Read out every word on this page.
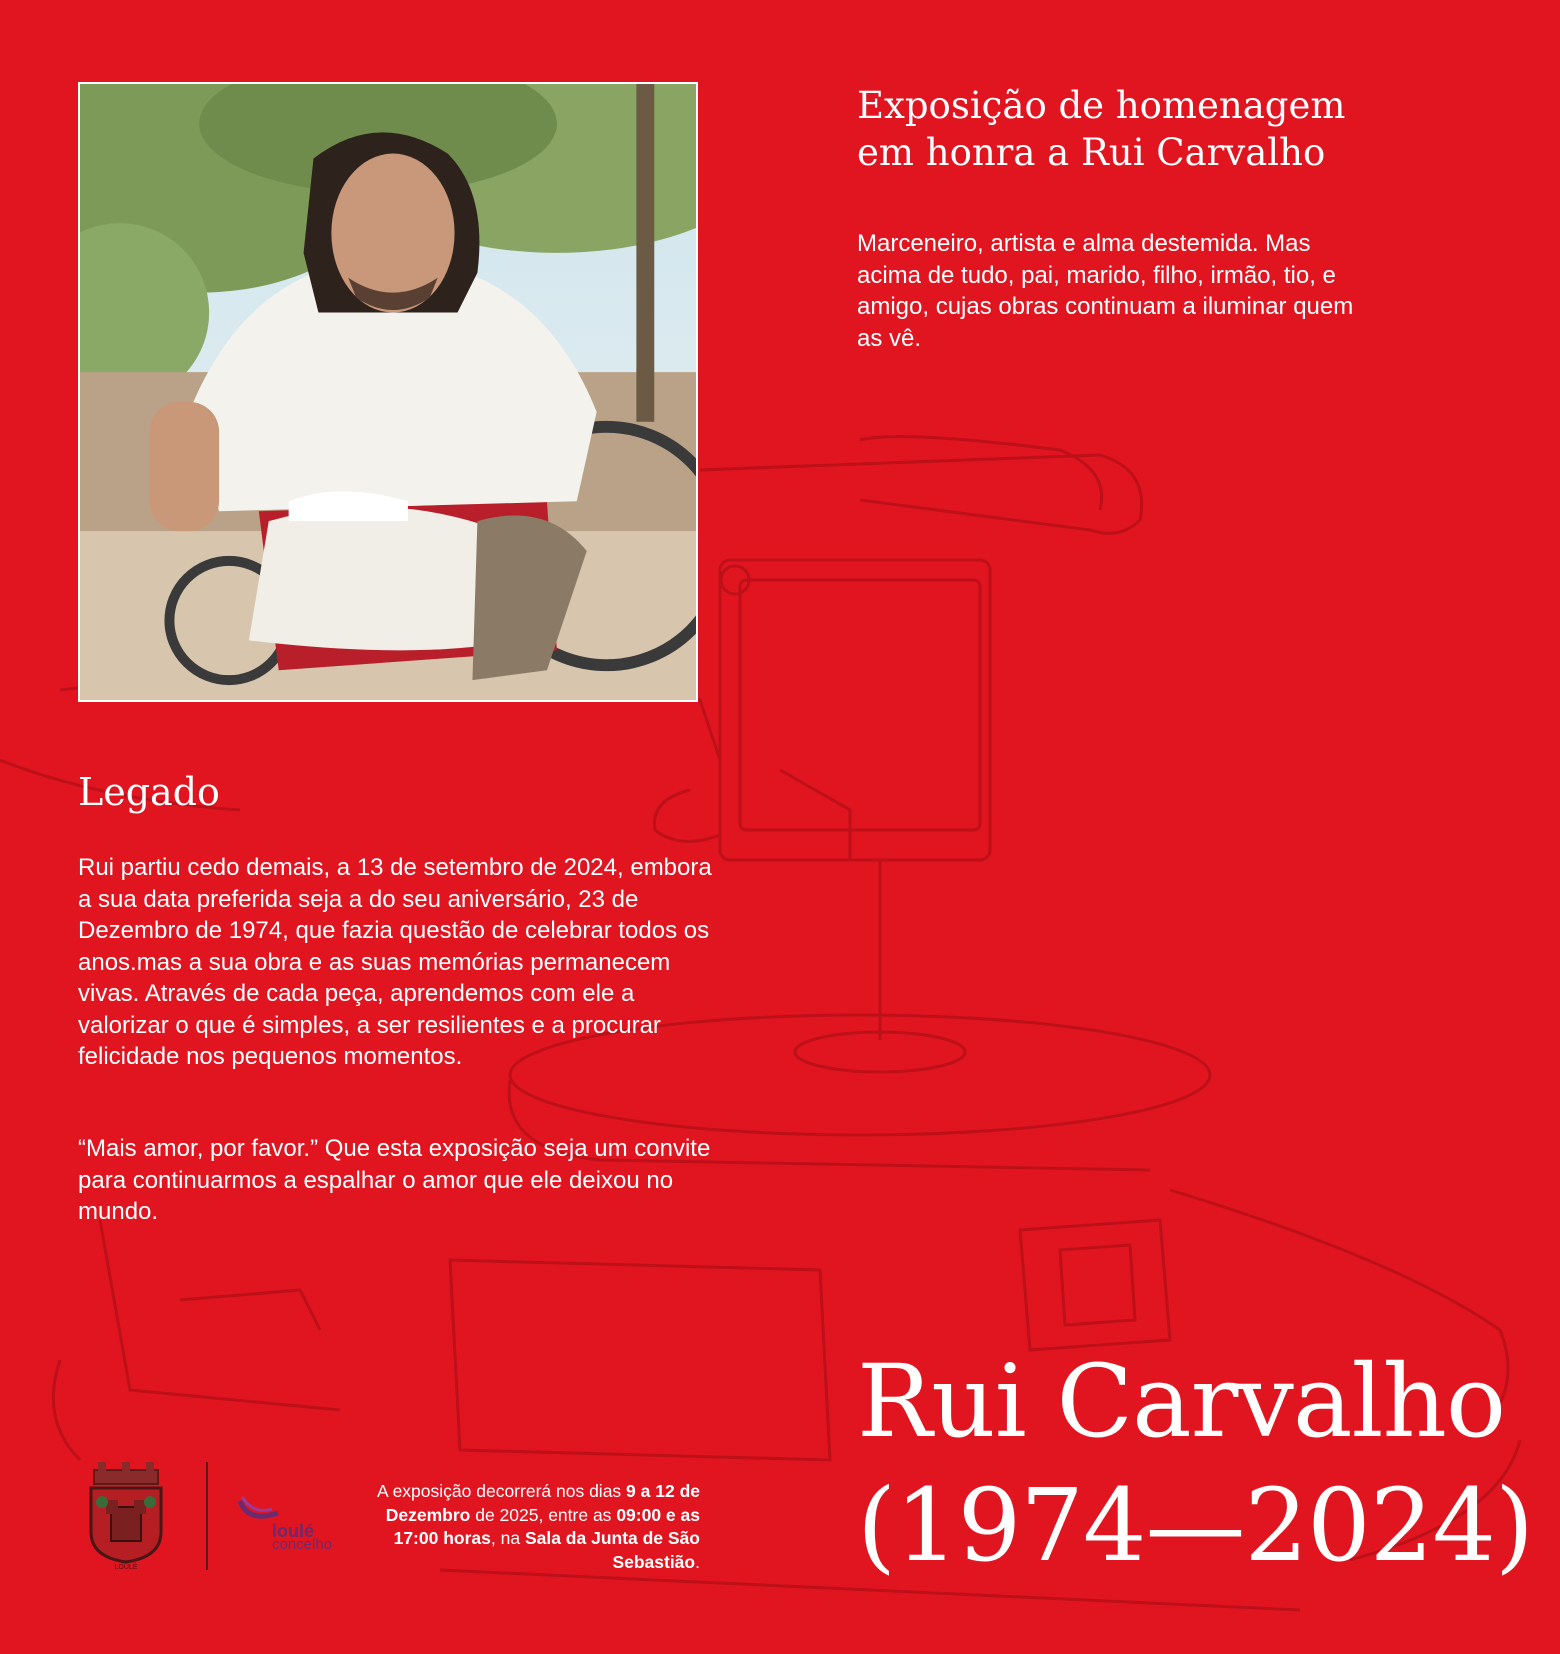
Exposição de homenagem
em honra a Rui Carvalho

Marceneiro, artista e alma destemida. Mas acima de tudo, pai, marido, filho, irmão, tio, e amigo, cujas obras continuam a iluminar quem as vê.

Legado

Rui partiu cedo demais, a 13 de setembro de 2024, embora a sua data preferida seja a do seu aniversário, 23 de Dezembro de 1974, que fazia questão de celebrar todos os anos.mas a sua obra e as suas memórias permanecem vivas. Através de cada peça, aprendemos com ele a valorizar o que é simples, a ser resilientes e a procurar felicidade nos pequenos momentos.

“Mais amor, por favor.” Que esta exposição seja um convite para continuarmos a espalhar o amor que ele deixou no mundo.

Rui Carvalho
(1974—2024)
LOULÉ
loulé
concelho

A exposição decorrerá nos dias 9 a 12 de Dezembro de 2025, entre as 09:00 e as 17:00 horas, na Sala da Junta de São Sebastião.
